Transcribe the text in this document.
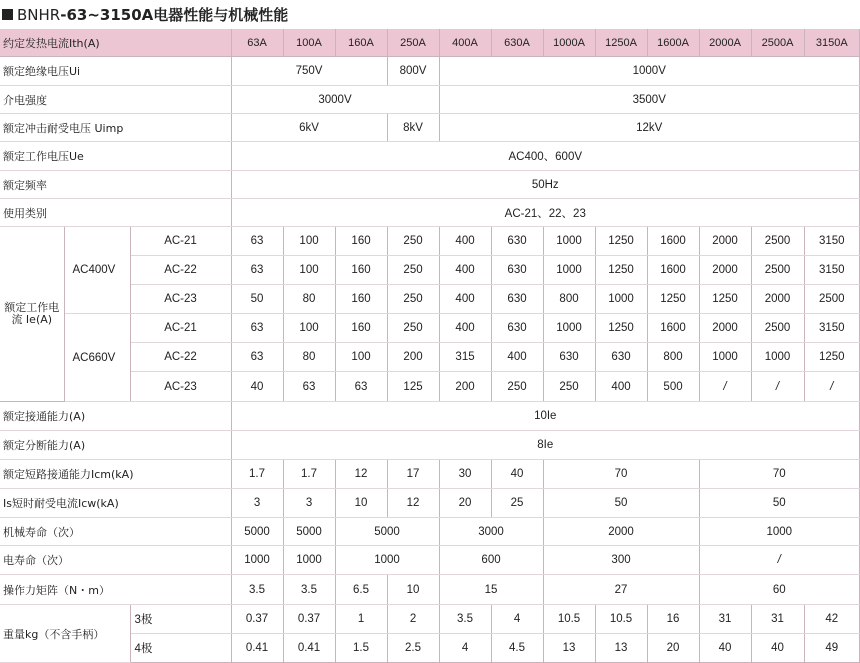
BNHR-63~3150A电器性能与机械性能
约定发热电流Ith(A)			63A	100A	160A	250A	400A	630A	1000A	1250A	1600A	2000A	2500A	3150A
额定绝缘电压Ui			750V			800V	1000V							
介电强度			3000V				3500V							
额定冲击耐受电压 Uimp			6kV			8kV	12kV							
额定工作电压Ue			AC400、600V											
额定频率			50Hz											
使用类别			AC-21、22、23											
额定工作电流 Ie(A)	AC400V	AC-21	63	100	160	250	400	630	1000	1250	1600	2000	2500	3150
		AC-22	63	100	160	250	400	630	1000	1250	1600	2000	2500	3150
		AC-23	50	80	160	250	400	630	800	1000	1250	1250	2000	2500
	AC660V	AC-21	63	100	160	250	400	630	1000	1250	1600	2000	2500	3150
		AC-22	63	80	100	200	315	400	630	630	800	1000	1000	1250
		AC-23	40	63	63	125	200	250	250	400	500	/	/	/
额定接通能力(A)			10Ie											
额定分断能力(A)			8Ie											
额定短路接通能力Icm(kA)			1.7	1.7	12	17	30	40	70			70		
Is短时耐受电流Icw(kA)			3	3	10	12	20	25	50			50		
机械寿命（次）			5000	5000	5000		3000		2000			1000		
电寿命（次）			1000	1000	1000		600		300			/		
操作力矩阵（N・m）			3.5	3.5	6.5	10	15		27			60		
重量kg（不含手柄）		3极	0.37	0.37	1	2	3.5	4	10.5	10.5	16	31	31	42
		4极	0.41	0.41	1.5	2.5	4	4.5	13	13	20	40	40	49
